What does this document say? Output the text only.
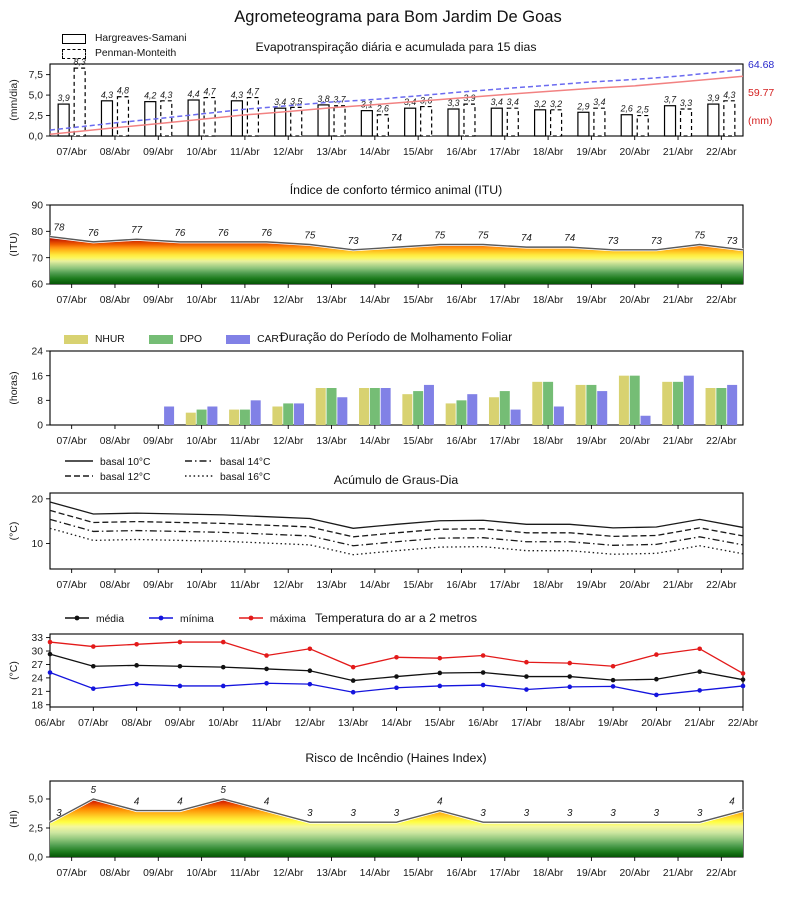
Agrometeograma para Bom Jardim De Goas
Evapotranspiração diária e acumulada para 15 dias
Índice de conforto térmico animal (ITU)
Duração do Período de Molhamento Foliar
Acúmulo de Graus-Dia
Temperatura do ar a 2 metros
Risco de Incêndio (Haines Index)
Hargreaves-Samani
Penman-Monteith
NHUR	DPO	CART
basal 10°C	basal 14°C
basal 12°C	basal 16°C
média	mínima	máxima
0,0
2,5
5,0
7,5
(mm/dia)
07/Abr 08/Abr 09/Abr 10/Abr 11/Abr 12/Abr 13/Abr 14/Abr 15/Abr 16/Abr 17/Abr 18/Abr 19/Abr 20/Abr 21/Abr 22/Abr
3,9	4,3	4,2	4,4	4,3
3,4	3,8
3,1	3,4	3,3	3,4	3,2	2,9	2,6
3,7	3,9
8,3
4,8	4,3	4,7	4,7
3,5	3,7
2,6
3,6	3,9	3,4	3,2	3,4
2,5
3,3
4,3
64.68
59.77
(mm)
60
70
80
90
(ITU)
07/Abr 08/Abr 09/Abr 10/Abr 11/Abr 12/Abr 13/Abr 14/Abr 15/Abr 16/Abr 17/Abr 18/Abr 19/Abr 20/Abr 21/Abr 22/Abr
78 76	77	76	76	76	75	73	74	75	75	74	74	73	73	75 73
0
8
16
24
(horas)
07/Abr 08/Abr 09/Abr 10/Abr 11/Abr 12/Abr 13/Abr 14/Abr 15/Abr 16/Abr 17/Abr 18/Abr 19/Abr 20/Abr 21/Abr 22/Abr
10
20
(°C)
07/Abr 08/Abr 09/Abr 10/Abr 11/Abr 12/Abr 13/Abr 14/Abr 15/Abr 16/Abr 17/Abr 18/Abr 19/Abr 20/Abr 21/Abr 22/Abr
18
21
24
27
30
33
(°C)
06/Abr 07/Abr 08/Abr 09/Abr 10/Abr 11/Abr 12/Abr 13/Abr 14/Abr 15/Abr 16/Abr 17/Abr 18/Abr 19/Abr 20/Abr 21/Abr 22/Abr
0,0
2,5
5,0
(HI)
07/Abr 08/Abr 09/Abr 10/Abr 11/Abr 12/Abr 13/Abr 14/Abr 15/Abr 16/Abr 17/Abr 18/Abr 19/Abr 20/Abr 21/Abr 22/Abr
3
5
4	4
5
4
3	3	3
4
3	3	3	3	3	3
4
